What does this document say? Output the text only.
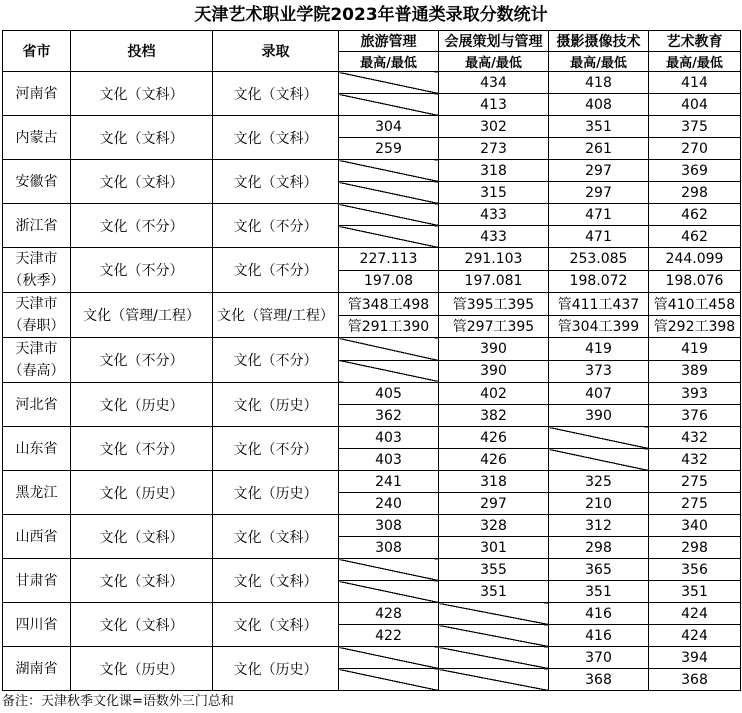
天津艺术职业学院2023年普通类录取分数统计
省市	投档	录取	旅游管理	会展策划与管理	摄影摄像技术	艺术教育
			最高/最低	最高/最低	最高/最低	最高/最低

河南省	文化（文科）	文化（文科）		434	418	414
				413	408	404

内蒙古	文化（文科）	文化（文科）	304	302	351	375
			259	273	261	270

安徽省	文化（文科）	文化（文科）		318	297	369
				315	297	298

浙江省	文化（不分）	文化（不分）		433	471	462
				433	471	462

天津市
（秋季）	文化（不分）	文化（不分）	227.113	291.103	253.085	244.099
			197.08	197.081	198.072	198.076

天津市
（春职）	文化（管理/工程）	文化（管理/工程）	管348工498	管395工395	管411工437	管410工458
			管291工390	管297工395	管304工399	管292工398

天津市
（春高）	文化（不分）	文化（不分）		390	419	419
				390	373	389

河北省	文化（历史）	文化（历史）	405	402	407	393
			362	382	390	376

山东省	文化（不分）	文化（不分）	403	426		432
			403	426		432

黑龙江	文化（历史）	文化（历史）	241	318	325	275
			240	297	210	275

山西省	文化（文科）	文化（文科）	308	328	312	340
			308	301	298	298

甘肃省	文化（文科）	文化（文科）		355	365	356
				351	351	351

四川省	文化（文科）	文化（文科）	428		416	424
			422		416	424

湖南省	文化（历史）	文化（历史）			370	394
					368	368
备注：天津秋季文化课=语数外三门总和
